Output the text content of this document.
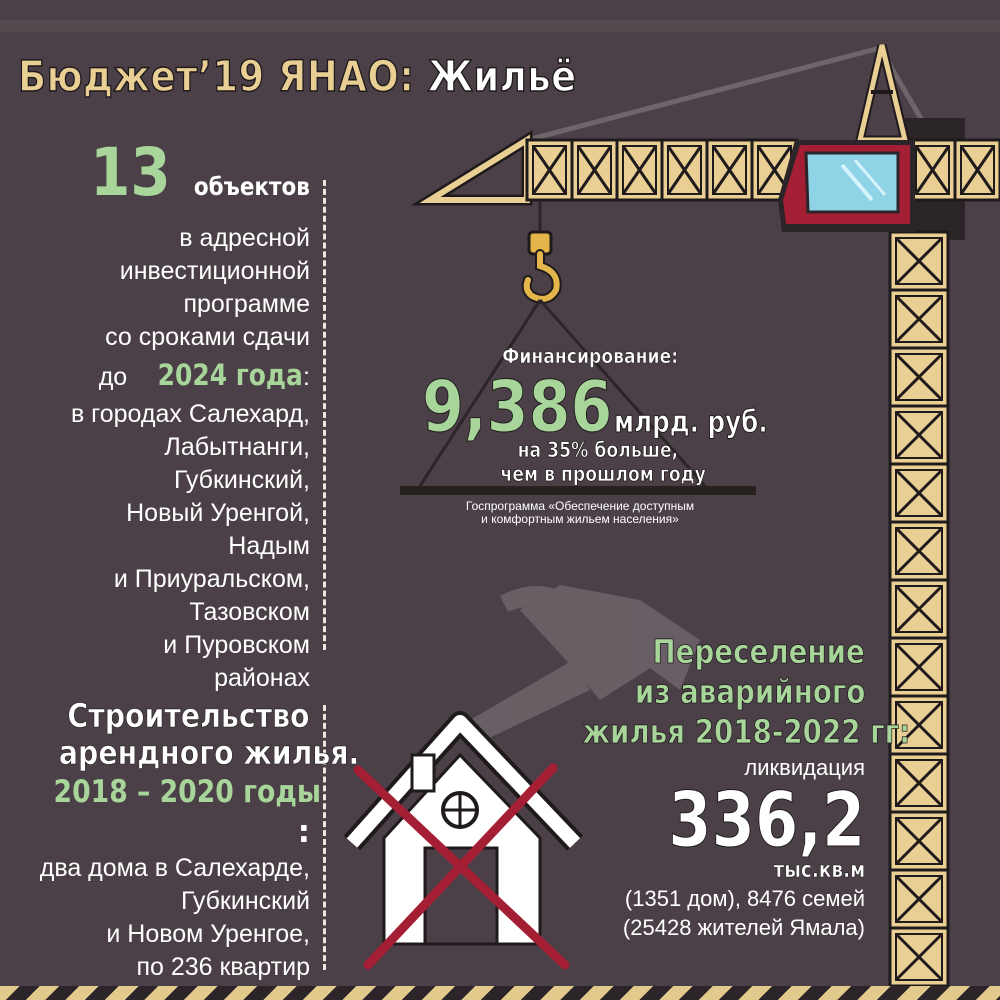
Бюджет’19 ЯНАО: Жильё
13 объектов
в адресной
инвестиционной
программе
со сроками сдачи
до 2024 года:
в городах Салехард,
Лабытнанги,
Губкинский,
Новый Уренгой,
Надым
и Приуральском,
Тазовском
и Пуровском
районах
Строительство
арендного жилья.
2018 – 2020 годы:
два дома в Салехарде,
Губкинский
и Новом Уренгое,
по 236 квартир
Финансирование:
9,386 млрд. руб.
на 35% больше,
чем в прошлом году
Госпрограмма «Обеспечение доступным
и комфортным жильем населения»
Переселение
из аварийного
жилья 2018-2022 гг:
ликвидация
336,2
тыс.кв.м
(1351 дом), 8476 семей
(25428 жителей Ямала)
